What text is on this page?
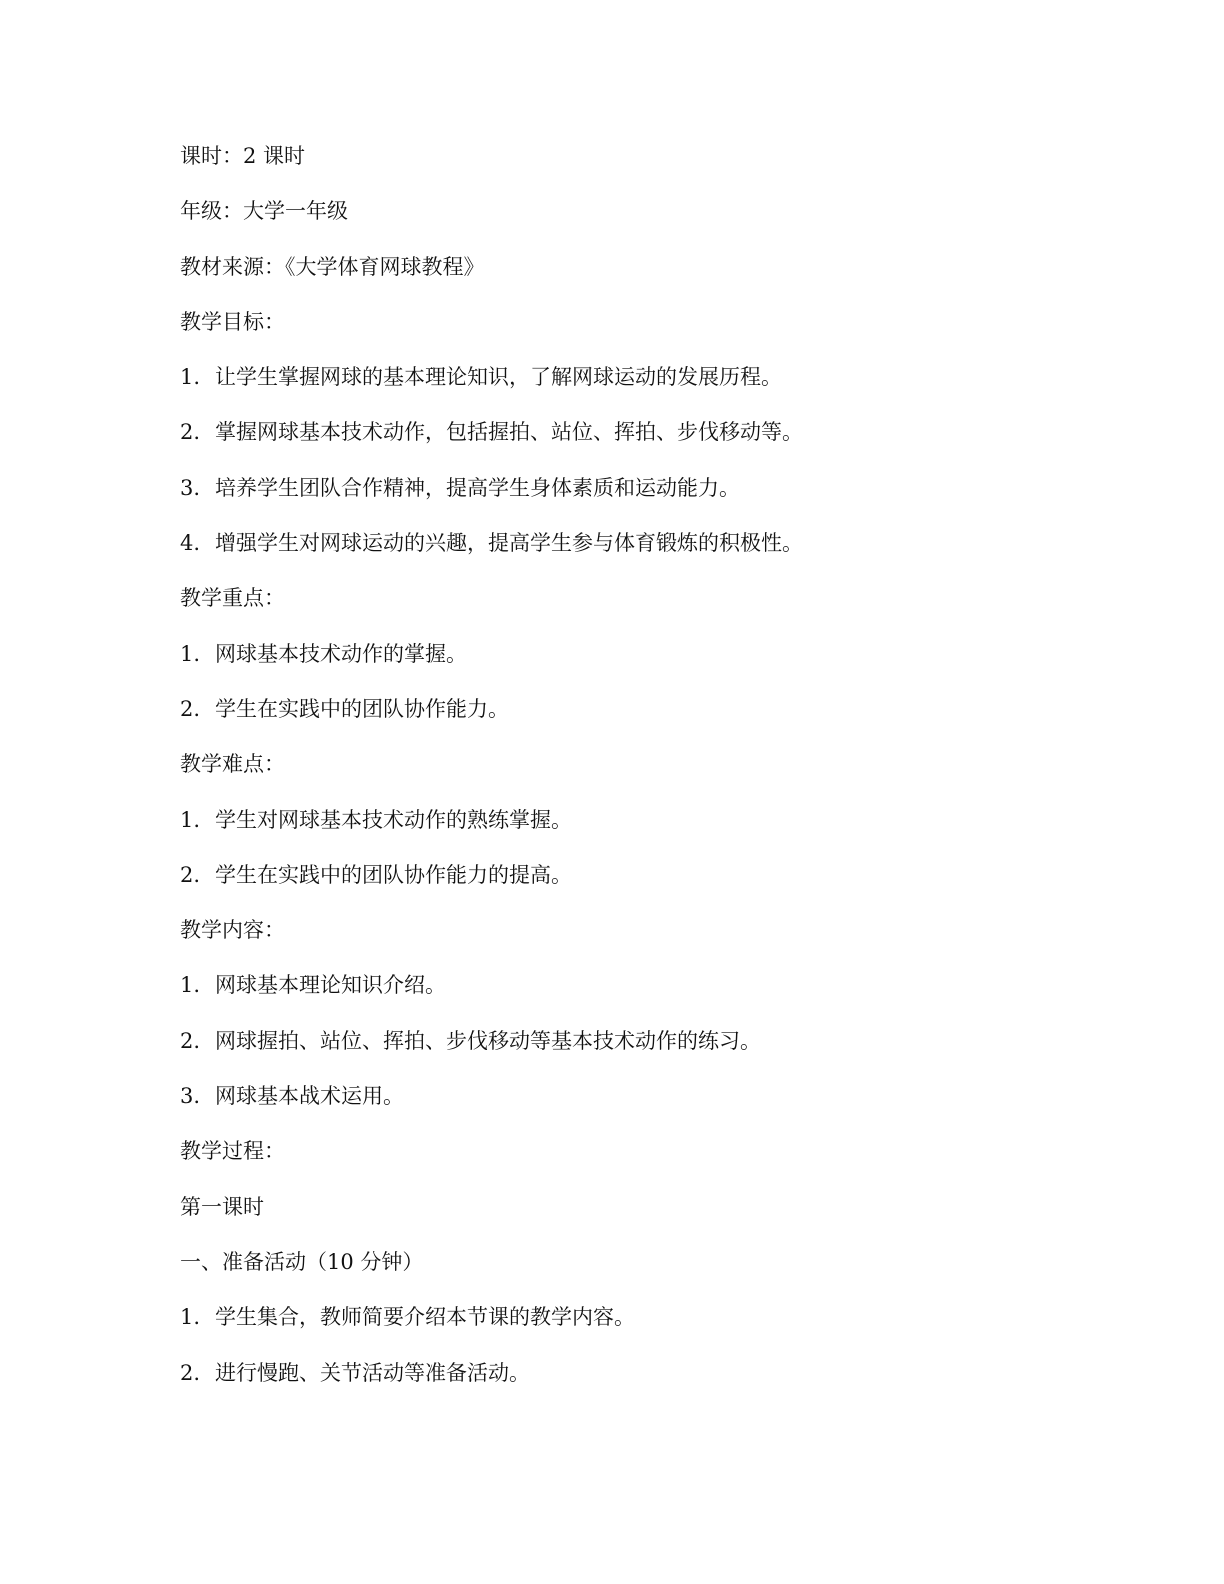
课时：2 课时
年级：大学一年级
教材来源：《大学体育网球教程》
教学目标：
1. 让学生掌握网球的基本理论知识，了解网球运动的发展历程。
2. 掌握网球基本技术动作，包括握拍、站位、挥拍、步伐移动等。
3. 培养学生团队合作精神，提高学生身体素质和运动能力。
4. 增强学生对网球运动的兴趣，提高学生参与体育锻炼的积极性。
教学重点：
1. 网球基本技术动作的掌握。
2. 学生在实践中的团队协作能力。
教学难点：
1. 学生对网球基本技术动作的熟练掌握。
2. 学生在实践中的团队协作能力的提高。
教学内容：
1. 网球基本理论知识介绍。
2. 网球握拍、站位、挥拍、步伐移动等基本技术动作的练习。
3. 网球基本战术运用。
教学过程：
第一课时
一、准备活动（10 分钟）
1. 学生集合，教师简要介绍本节课的教学内容。
2. 进行慢跑、关节活动等准备活动。
